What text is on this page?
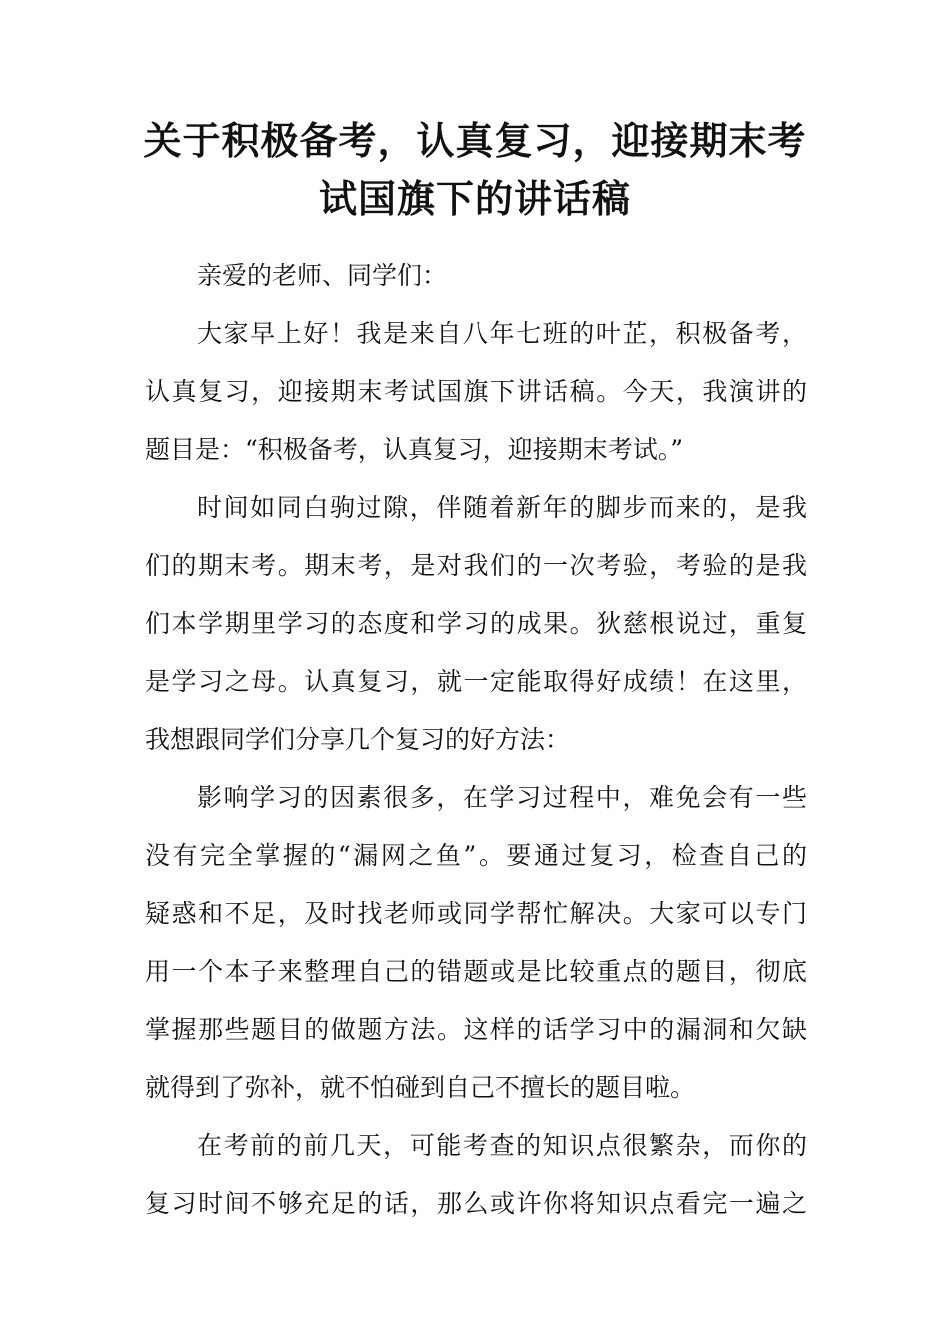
关于积极备考，认真复习，迎接期末考
试国旗下的讲话稿
亲爱的老师、同学们：
大家早上好！我是来自八年七班的叶芷，积极备考，
认真复习，迎接期末考试国旗下讲话稿。今天，我演讲的
题目是：“积极备考，认真复习，迎接期末考试。”
时间如同白驹过隙，伴随着新年的脚步而来的，是我
们的期末考。期末考，是对我们的一次考验，考验的是我
们本学期里学习的态度和学习的成果。狄慈根说过，重复
是学习之母。认真复习，就一定能取得好成绩！在这里，
我想跟同学们分享几个复习的好方法：
影响学习的因素很多，在学习过程中，难免会有一些
没有完全掌握的“漏网之鱼”。要通过复习，检查自己的
疑惑和不足，及时找老师或同学帮忙解决。大家可以专门
用一个本子来整理自己的错题或是比较重点的题目，彻底
掌握那些题目的做题方法。这样的话学习中的漏洞和欠缺
就得到了弥补，就不怕碰到自己不擅长的题目啦。
在考前的前几天，可能考查的知识点很繁杂，而你的
复习时间不够充足的话，那么或许你将知识点看完一遍之
